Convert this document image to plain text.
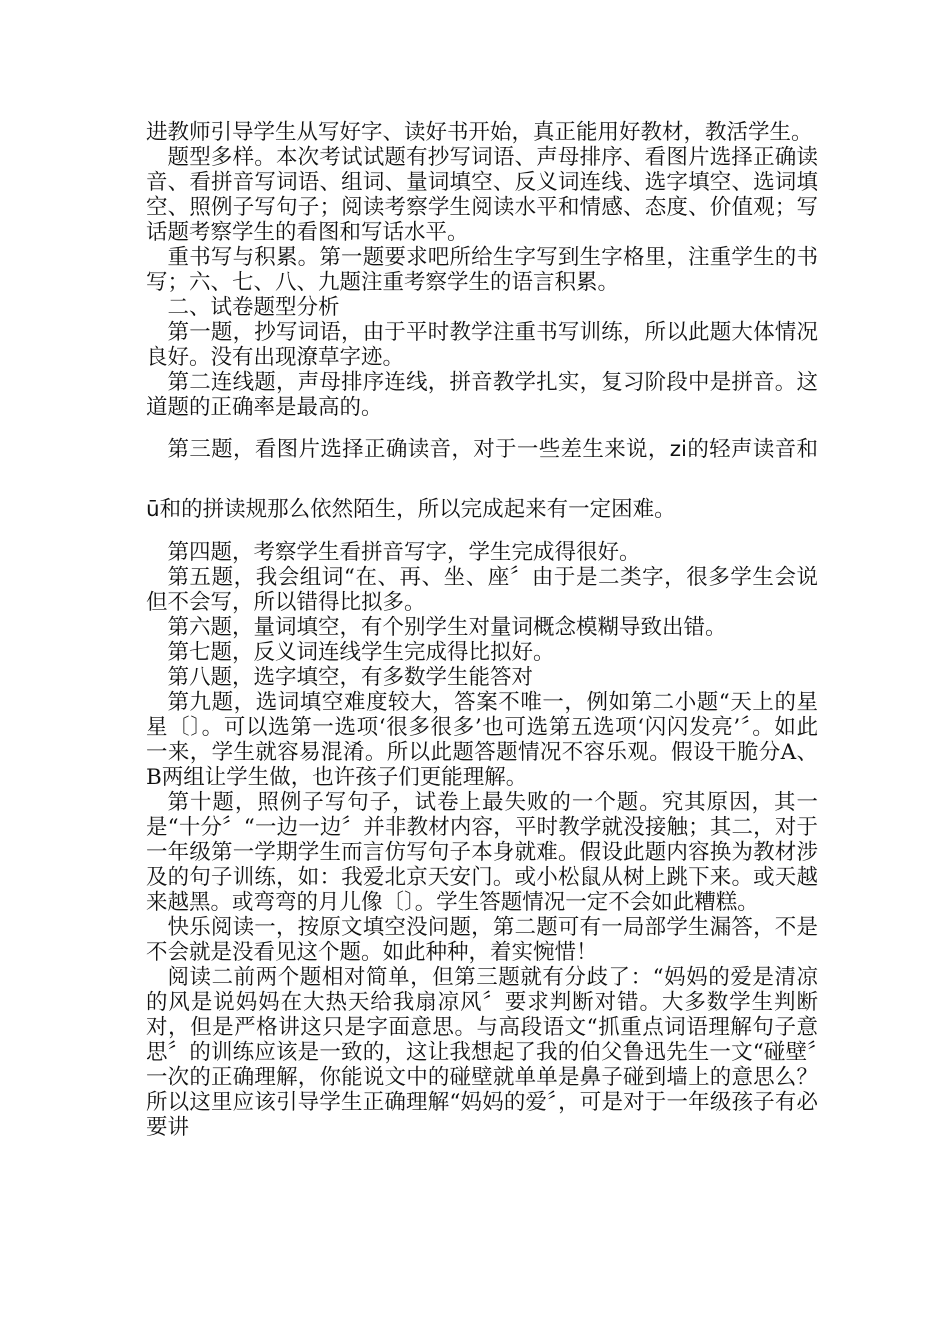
进教师引导学生从写好字、读好书开始，真正能用好教材，教活学生。

题型多样。本次考试试题有抄写词语、声母排序、看图片选择正确读音、看拼音写词语、组词、量词填空、反义词连线、选字填空、选词填空、照例子写句子；阅读考察学生阅读水平和情感、态度、价值观；写话题考察学生的看图和写话水平。

重书写与积累。第一题要求吧所给生字写到生字格里，注重学生的书写；六、七、八、九题注重考察学生的语言积累。

二、试卷题型分析

第一题，抄写词语，由于平时教学注重书写训练，所以此题大体情况良好。没有出现潦草字迹。

第二连线题，声母排序连线，拼音教学扎实，复习阶段中是拼音。这道题的正确率是最高的。

第三题，看图片选择正确读音，对于一些差生来说，zi的轻声读音和ū和的拼读规那么依然陌生，所以完成起来有一定困难。

第四题，考察学生看拼音写字，学生完成得很好。

第五题，我会组词“在、再、坐、座〞由于是二类字，很多学生会说但不会写，所以错得比拟多。

第六题，量词填空，有个别学生对量词概念模糊导致出错。

第七题，反义词连线学生完成得比拟好。

第八题，选字填空，有多数学生能答对

第九题，选词填空难度较大，答案不唯一，例如第二小题“天上的星星〔〕。可以选第一选项‘很多很多’也可选第五选项‘闪闪发亮’〞。如此一来，学生就容易混淆。所以此题答题情况不容乐观。假设干脆分A、B两组让学生做，也许孩子们更能理解。

第十题，照例子写句子，试卷上最失败的一个题。究其原因，其一是“十分〞“一边一边〞并非教材内容，平时教学就没接触；其二，对于一年级第一学期学生而言仿写句子本身就难。假设此题内容换为教材涉及的句子训练，如：我爱北京天安门。或小松鼠从树上跳下来。或天越来越黑。或弯弯的月儿像〔〕。学生答题情况一定不会如此糟糕。

快乐阅读一，按原文填空没问题，第二题可有一局部学生漏答，不是不会就是没看见这个题。如此种种，着实惋惜！

阅读二前两个题相对简单，但第三题就有分歧了：“妈妈的爱是清凉的风是说妈妈在大热天给我扇凉风〞要求判断对错。大多数学生判断对，但是严格讲这只是字面意思。与高段语文“抓重点词语理解句子意思〞的训练应该是一致的，这让我想起了我的伯父鲁迅先生一文“碰壁〞一次的正确理解，你能说文中的碰壁就单单是鼻子碰到墙上的意思么？所以这里应该引导学生正确理解“妈妈的爱〞，可是对于一年级孩子有必要讲
